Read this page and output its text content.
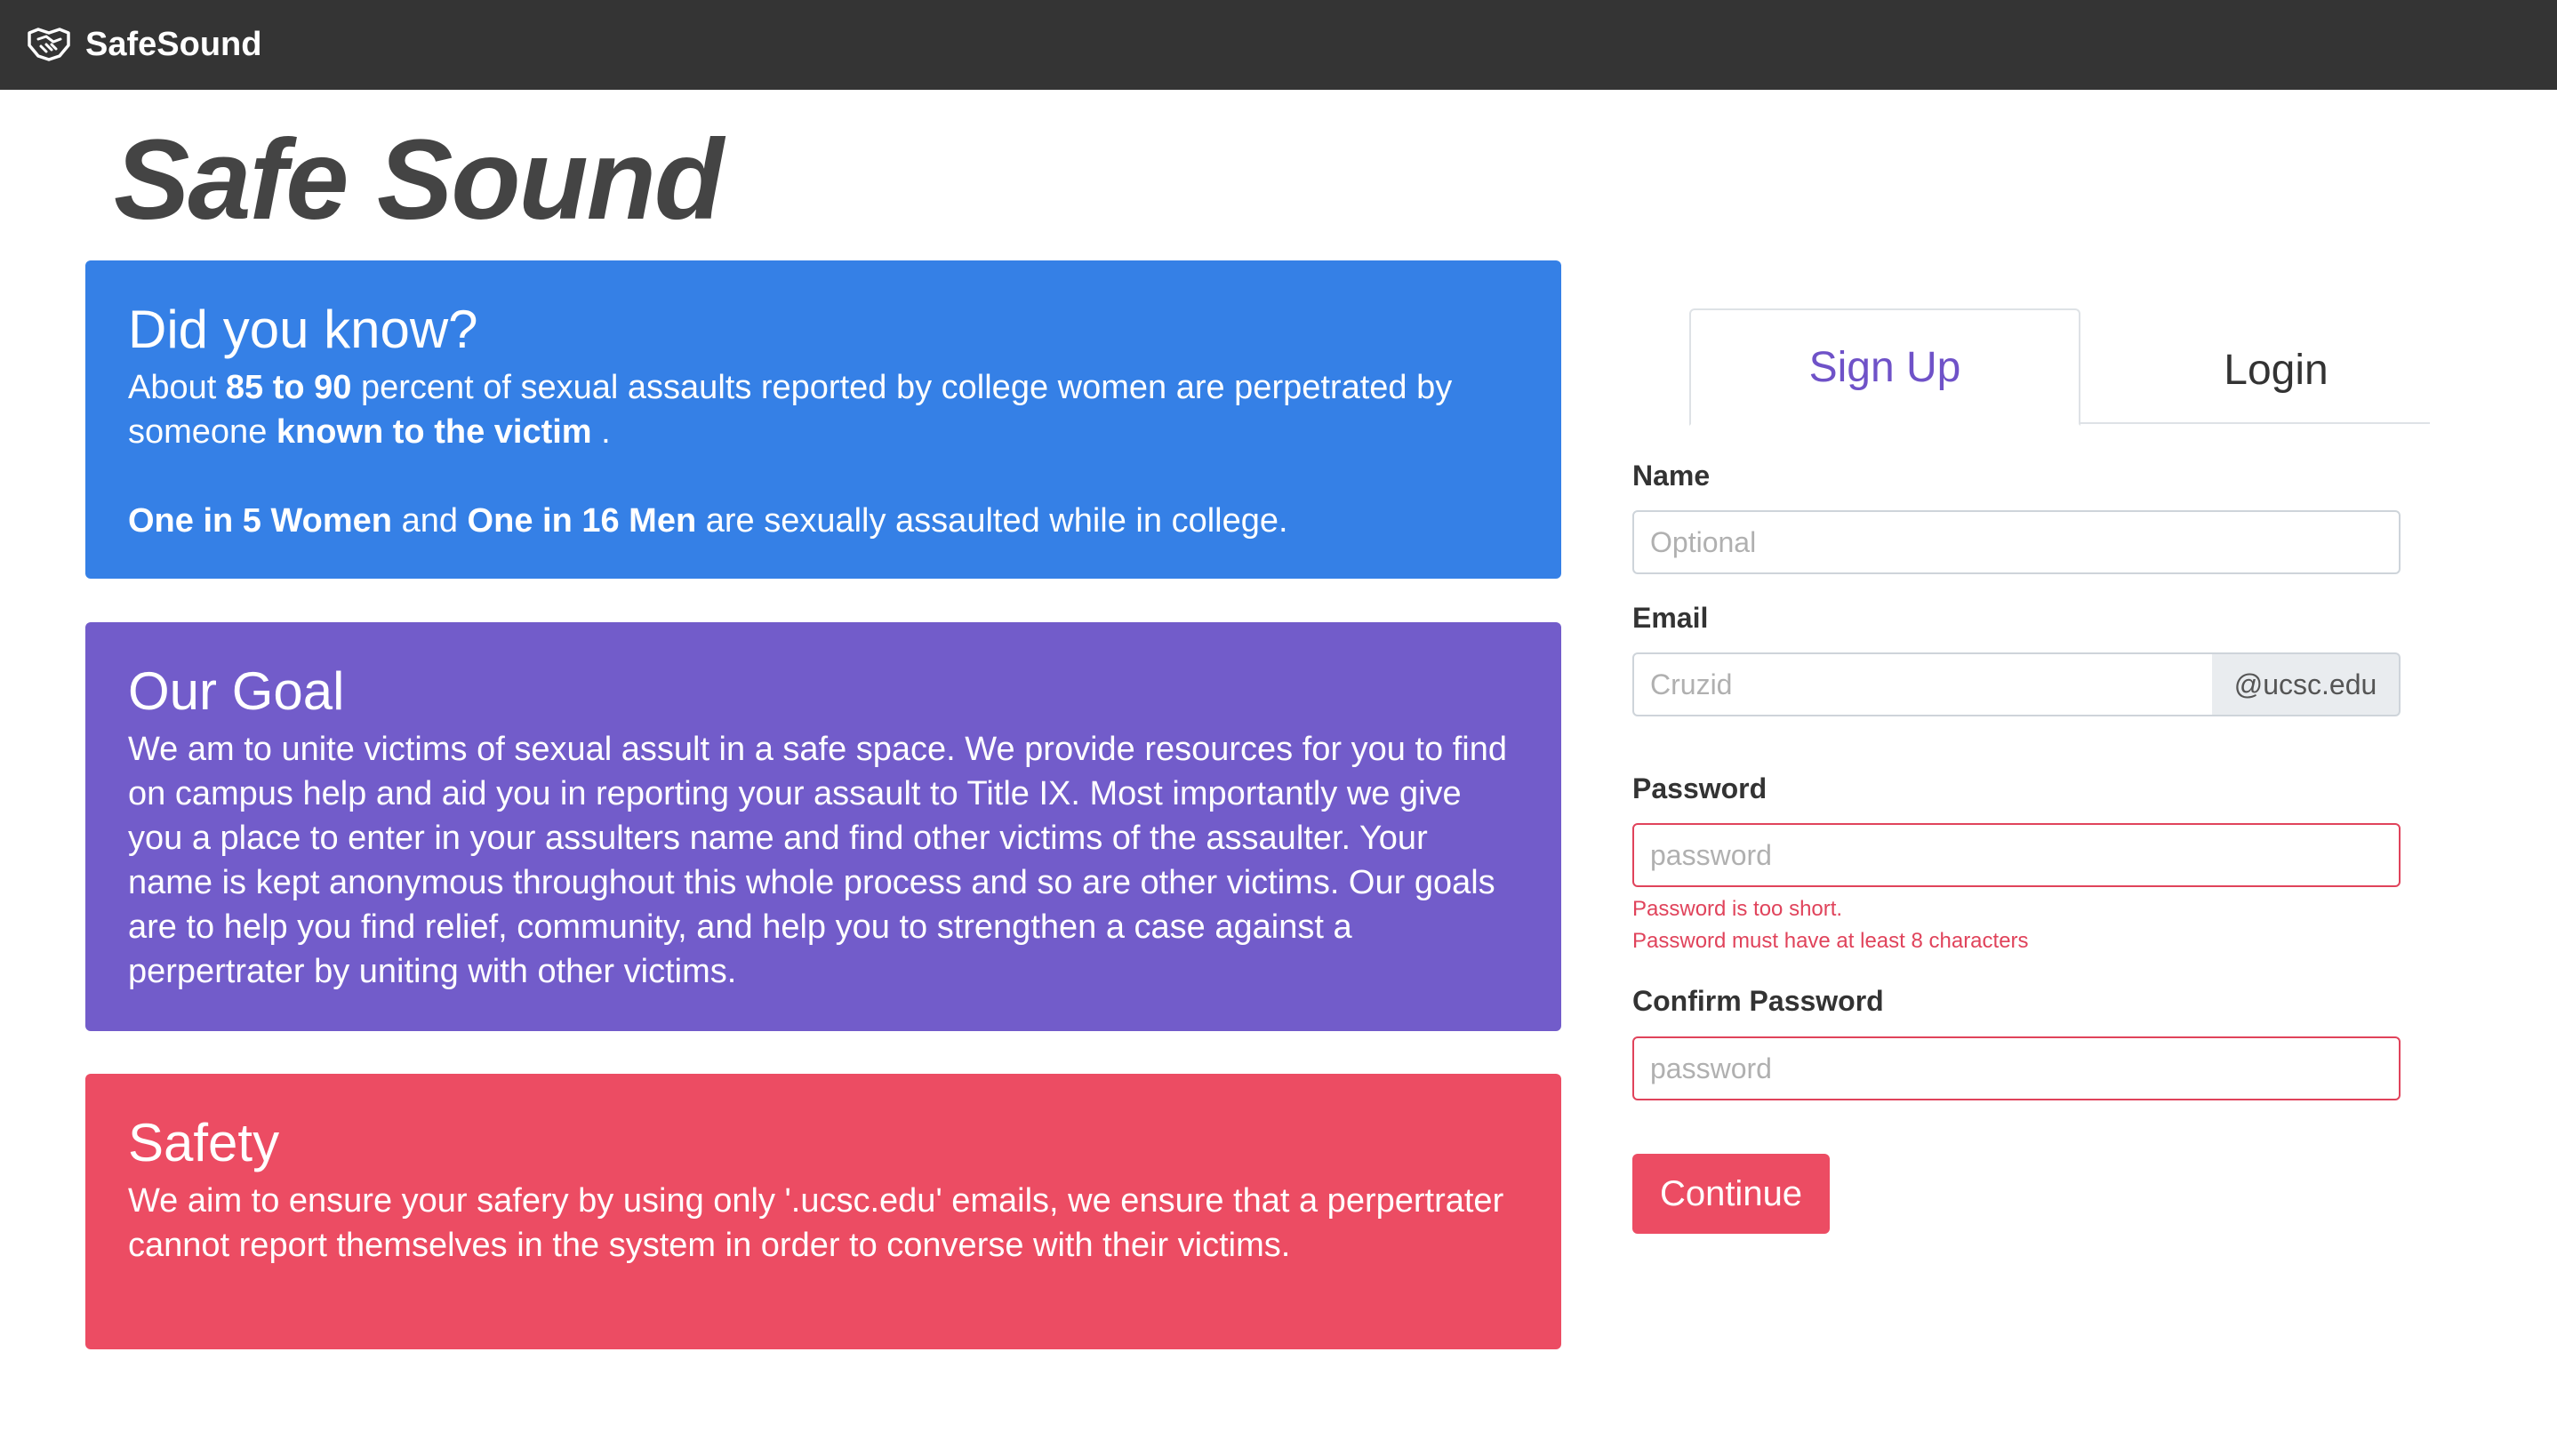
SafeSound
Safe Sound
Did you know?

About 85 to 90 percent of sexual assaults reported by college women are perpetrated by someone known to the victim .

One in 5 Women and One in 16 Men are sexually assaulted while in college.

Our Goal

We am to unite victims of sexual assult in a safe space. We provide resources for you to find on campus help and aid you in reporting your assault to Title IX. Most importantly we give you a place to enter in your assulters name and find other victims of the assaulter. Your name is kept anonymous throughout this whole process and so are other victims. Our goals are to help you find relief, community, and help you to strengthen a case against a perpertrater by uniting with other victims.

Safety

We aim to ensure your safery by using only '.ucsc.edu' emails, we ensure that a perpertrater cannot report themselves in the system in order to converse with their victims.

Sign Up	Login
Name
Optional
Email
Cruzid
@ucsc.edu
Password
Password is too short.
Password must have at least 8 characters
Confirm Password
Continue
